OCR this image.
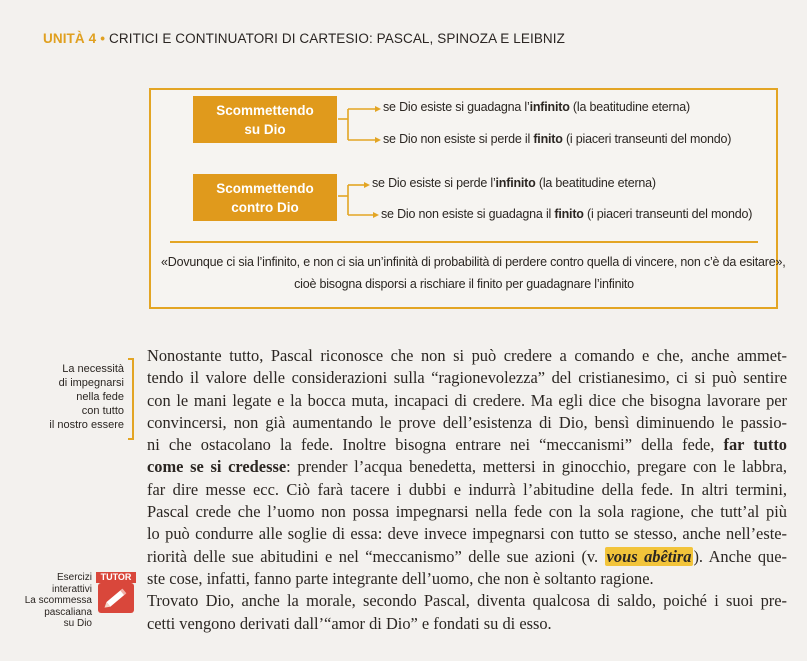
UNITÀ 4 • CRITICI E CONTINUATORI DI CARTESIO: PASCAL, SPINOZA E LEIBNIZ
Scommettendo
su Dio
se Dio esiste si guadagna l’infinito (la beatitudine eterna)
se Dio non esiste si perde il finito (i piaceri transeunti del mondo)
Scommettendo
contro Dio
se Dio esiste si perde l’infinito (la beatitudine eterna)
se Dio non esiste si guadagna il finito (i piaceri transeunti del mondo)
«Dovunque ci sia l’infinito, e non ci sia un’infinità di probabilità di perdere contro quella di vincere, non c’è da esitare»,
cioè bisogna disporsi a rischiare il finito per guadagnare l’infinito
La necessità
di impegnarsi
nella fede
con tutto
il nostro essere
Esercizi
interattivi
La scommessa
pascaliana
su Dio
TUTOR
Nonostante tutto, Pascal riconosce che non si può credere a comando e che, anche ammet-
tendo il valore delle considerazioni sulla “ragionevolezza” del cristianesimo, ci si può sentire
con le mani legate e la bocca muta, incapaci di credere. Ma egli dice che bisogna lavorare per
convincersi, non già aumentando le prove dell’esistenza di Dio, bensì diminuendo le passio-
ni che ostacolano la fede. Inoltre bisogna entrare nei “meccanismi” della fede, far tutto
come se si credesse: prender l’acqua benedetta, mettersi in ginocchio, pregare con le labbra,
far dire messe ecc. Ciò farà tacere i dubbi e indurrà l’abitudine della fede. In altri termini,
Pascal crede che l’uomo non possa impegnarsi nella fede con la sola ragione, che tutt’al più
lo può condurre alle soglie di essa: deve invece impegnarsi con tutto se stesso, anche nell’este-
riorità delle sue abitudini e nel “meccanismo” delle sue azioni (v. vous abêtira ). Anche que-
ste cose, infatti, fanno parte integrante dell’uomo, che non è soltanto ragione.
Trovato Dio, anche la morale, secondo Pascal, diventa qualcosa di saldo, poiché i suoi pre-
cetti vengono derivati dall’“amor di Dio” e fondati su di esso.
